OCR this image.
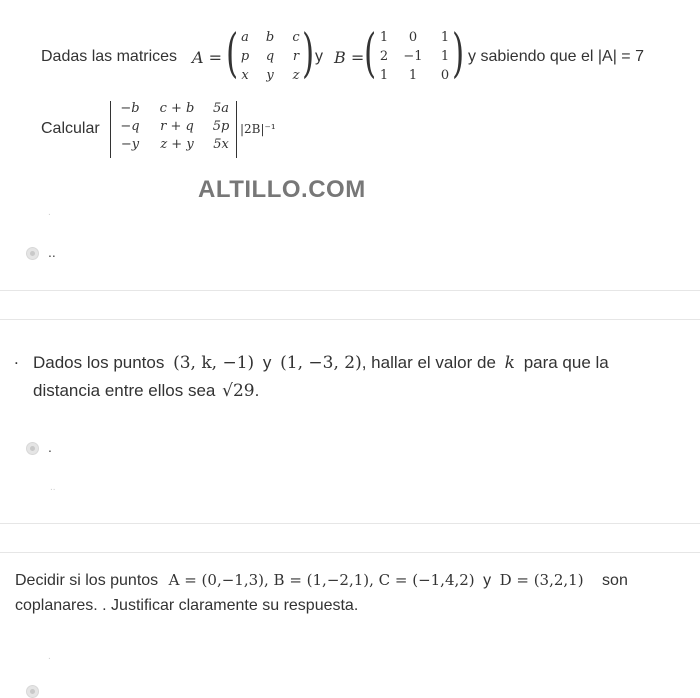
Dadas las matrices A = ( a	b	c
p	q	r
x	y	z ) y B = ( 1	0	1
2	−1	1
1	1	0 ) y sabiendo que el |A| = 7
Calcular
−b	c + b	5a
−q	r + q	5p
−y	z + y	5x
|2B|⁻¹
ALTILLO.COM
.
..
. Dados los puntos (3, k, −1) y (1, −3, 2), hallar el valor de k para que la
distancia entre ellos sea √29.
.
..
Decidir si los puntos A = (0,−1,3), B = (1,−2,1), C = (−1,4,2) y D = (3,2,1) son
coplanares. . Justificar claramente su respuesta.
.
